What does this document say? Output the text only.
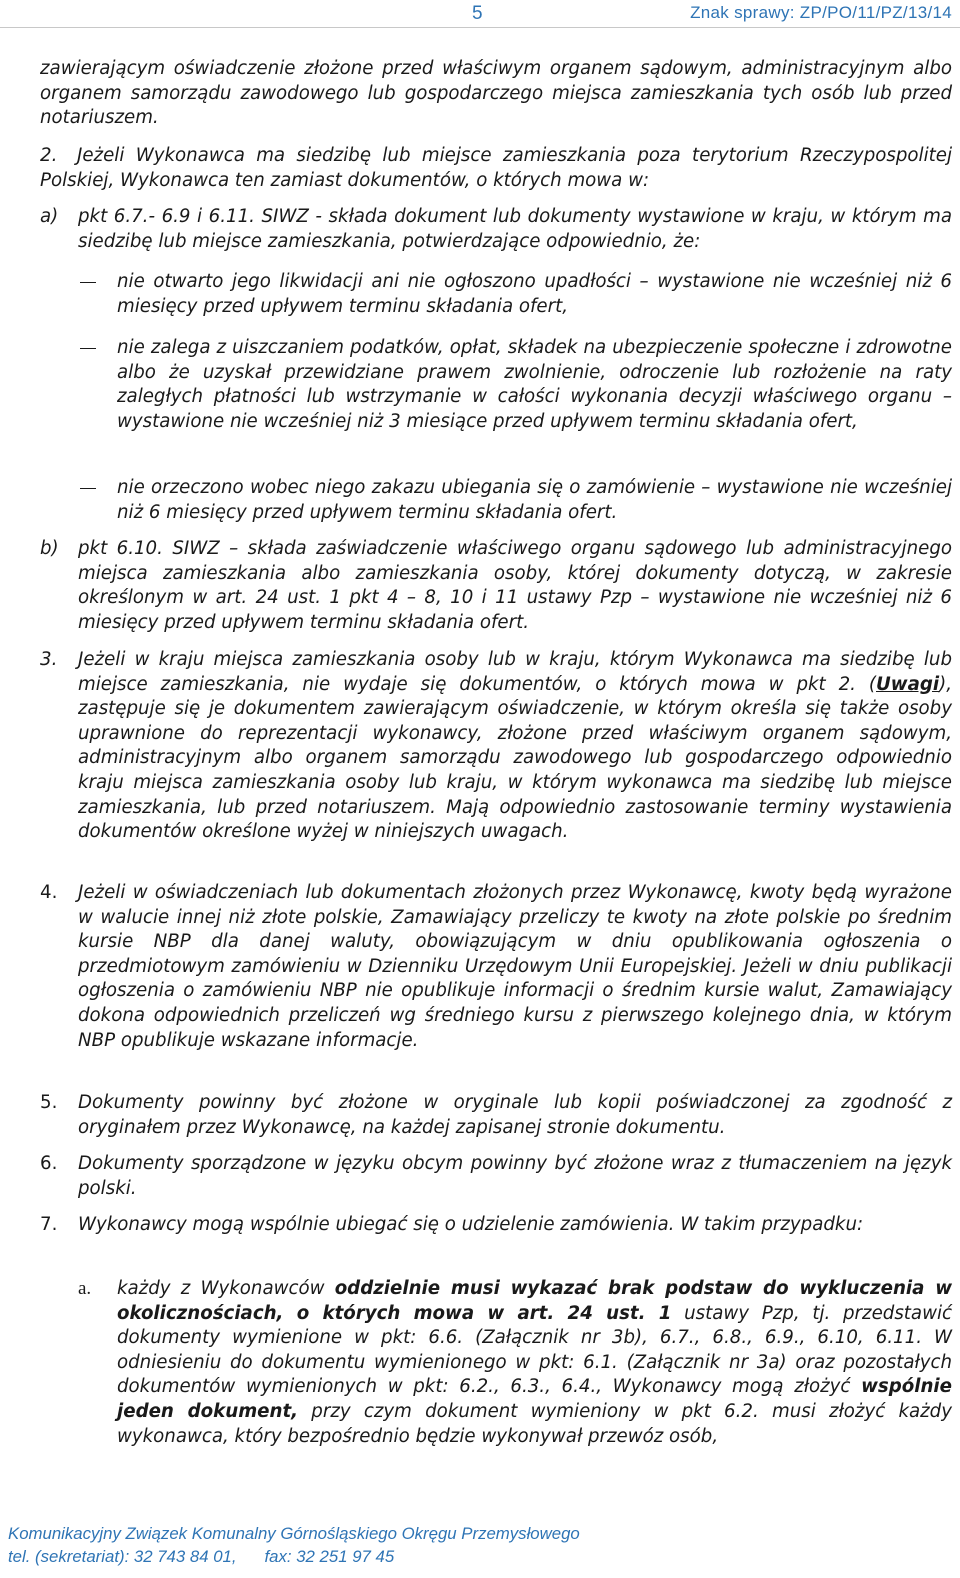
5	Znak sprawy: ZP/PO/11/PZ/13/14

zawierającym oświadczenie złożone przed właściwym organem sądowym, administracyjnym albo organem samorządu zawodowego lub gospodarczego miejsca zamieszkania tych osób lub przed notariuszem.

2.	Jeżeli Wykonawca ma siedzibę lub miejsce zamieszkania poza terytorium Rzeczypospolitej Polskiej, Wykonawca ten zamiast dokumentów, o których mowa w:

a) pkt 6.7.- 6.9 i 6.11. SIWZ - składa dokument lub dokumenty wystawione w kraju, w którym ma siedzibę lub miejsce zamieszkania, potwierdzające odpowiednio, że:

nie otwarto jego likwidacji ani nie ogłoszono upadłości – wystawione nie wcześniej niż 6 miesięcy przed upływem terminu składania ofert,

nie zalega z uiszczaniem podatków, opłat, składek na ubezpieczenie społeczne i zdrowotne albo że uzyskał przewidziane prawem zwolnienie, odroczenie lub rozłożenie na raty zaległych płatności lub wstrzymanie w całości wykonania decyzji właściwego organu – wystawione nie wcześniej niż 3 miesiące przed upływem terminu składania ofert,

nie orzeczono wobec niego zakazu ubiegania się o zamówienie – wystawione nie wcześniej niż 6 miesięcy przed upływem terminu składania ofert.

b) pkt 6.10. SIWZ – składa zaświadczenie właściwego organu sądowego lub administracyjnego miejsca zamieszkania albo zamieszkania osoby, której dokumenty dotyczą, w zakresie określonym w art. 24 ust. 1 pkt 4 – 8, 10 i 11 ustawy Pzp – wystawione nie wcześniej niż 6 miesięcy przed upływem terminu składania ofert.

3. Jeżeli w kraju miejsca zamieszkania osoby lub w kraju, którym Wykonawca ma siedzibę lub miejsce zamieszkania, nie wydaje się dokumentów, o których mowa w pkt 2. (Uwagi), zastępuje się je dokumentem zawierającym oświadczenie, w którym określa się także osoby uprawnione do reprezentacji wykonawcy, złożone przed właściwym organem sądowym, administracyjnym albo organem samorządu zawodowego lub gospodarczego odpowiednio kraju miejsca zamieszkania osoby lub kraju, w którym wykonawca ma siedzibę lub miejsce zamieszkania, lub przed notariuszem. Mają odpowiednio zastosowanie terminy wystawienia dokumentów określone wyżej w niniejszych uwagach.

4. Jeżeli w oświadczeniach lub dokumentach złożonych przez Wykonawcę, kwoty będą wyrażone w walucie innej niż złote polskie, Zamawiający przeliczy te kwoty na złote polskie po średnim kursie NBP dla danej waluty, obowiązującym w dniu opublikowania ogłoszenia o przedmiotowym zamówieniu w Dzienniku Urzędowym Unii Europejskiej. Jeżeli w dniu publikacji ogłoszenia o zamówieniu NBP nie opublikuje informacji o średnim kursie walut, Zamawiający dokona odpowiednich przeliczeń wg średniego kursu z pierwszego kolejnego dnia, w którym NBP opublikuje wskazane informacje.

5. Dokumenty powinny być złożone w oryginale lub kopii poświadczonej za zgodność z oryginałem przez Wykonawcę, na każdej zapisanej stronie dokumentu.

6. Dokumenty sporządzone w języku obcym powinny być złożone wraz z tłumaczeniem na język polski.

7. Wykonawcy mogą wspólnie ubiegać się o udzielenie zamówienia. W takim przypadku:

a. każdy z Wykonawców oddzielnie musi wykazać brak podstaw do wykluczenia w okolicznościach, o których mowa w art. 24 ust. 1 ustawy Pzp, tj. przedstawić dokumenty wymienione w pkt: 6.6. (Załącznik nr 3b), 6.7., 6.8., 6.9., 6.10, 6.11. W odniesieniu do dokumentu wymienionego w pkt: 6.1. (Załącznik nr 3a) oraz pozostałych dokumentów wymienionych w pkt: 6.2., 6.3., 6.4., Wykonawcy mogą złożyć wspólnie jeden dokument, przy czym dokument wymieniony w pkt 6.2. musi złożyć każdy wykonawca, który bezpośrednio będzie wykonywał przewóz osób,

Komunikacyjny Związek Komunalny Górnośląskiego Okręgu Przemysłowego
tel. (sekretariat): 32 743 84 01,      fax: 32 251 97 45
